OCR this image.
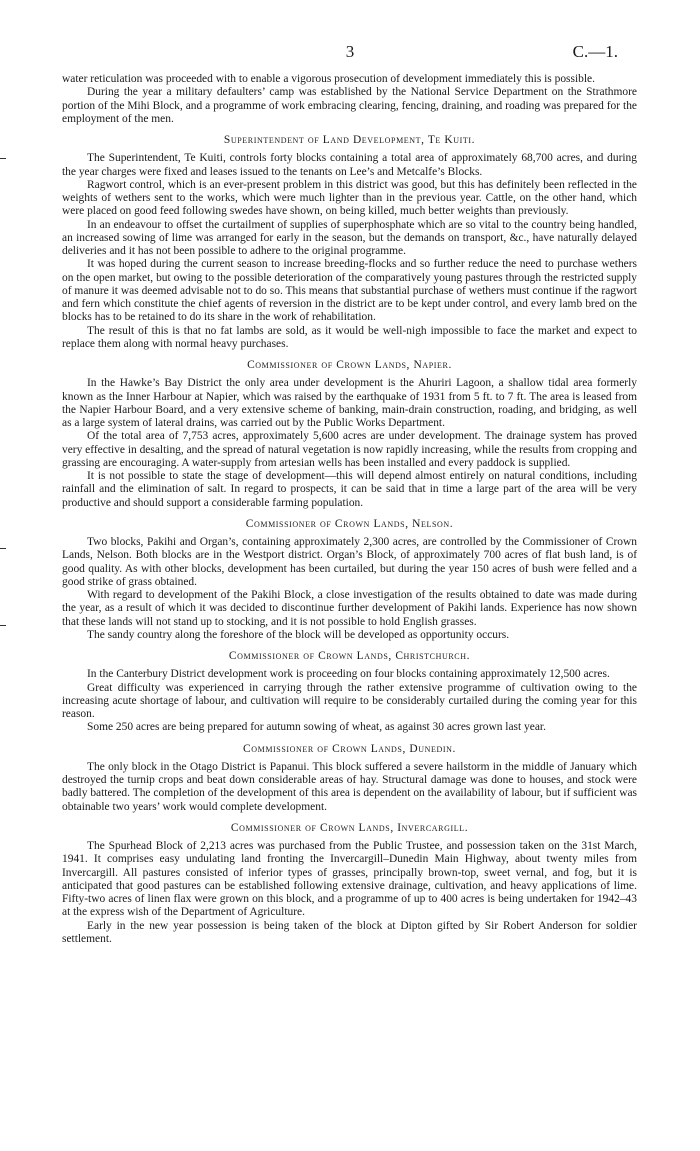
3	C.—1.

water reticulation was proceeded with to enable a vigorous prosecution of development immediately this is possible.

During the year a military defaulters’ camp was established by the National Service Department on the Strathmore portion of the Mihi Block, and a programme of work embracing clearing, fencing, draining, and roading was prepared for the employment of the men.

Superintendent of Land Development, Te Kuiti.

The Superintendent, Te Kuiti, controls forty blocks containing a total area of approximately 68,700 acres, and during the year charges were fixed and leases issued to the tenants on Lee’s and Metcalfe’s Blocks.

Ragwort control, which is an ever-present problem in this district was good, but this has definitely been reflected in the weights of wethers sent to the works, which were much lighter than in the previous year. Cattle, on the other hand, which were placed on good feed following swedes have shown, on being killed, much better weights than previously.

In an endeavour to offset the curtailment of supplies of superphosphate which are so vital to the country being handled, an increased sowing of lime was arranged for early in the season, but the demands on transport, &c., have naturally delayed deliveries and it has not been possible to adhere to the original programme.

It was hoped during the current season to increase breeding-flocks and so further reduce the need to purchase wethers on the open market, but owing to the possible deterioration of the comparatively young pastures through the restricted supply of manure it was deemed advisable not to do so. This means that substantial purchase of wethers must continue if the ragwort and fern which constitute the chief agents of reversion in the district are to be kept under control, and every lamb bred on the blocks has to be retained to do its share in the work of rehabilitation.

The result of this is that no fat lambs are sold, as it would be well-nigh impossible to face the market and expect to replace them along with normal heavy purchases.

Commissioner of Crown Lands, Napier.

In the Hawke’s Bay District the only area under development is the Ahuriri Lagoon, a shallow tidal area formerly known as the Inner Harbour at Napier, which was raised by the earthquake of 1931 from 5 ft. to 7 ft. The area is leased from the Napier Harbour Board, and a very extensive scheme of banking, main-drain construction, roading, and bridging, as well as a large system of lateral drains, was carried out by the Public Works Department.

Of the total area of 7,753 acres, approximately 5,600 acres are under development. The drainage system has proved very effective in desalting, and the spread of natural vegetation is now rapidly increasing, while the results from cropping and grassing are encouraging. A water-supply from artesian wells has been installed and every paddock is supplied.

It is not possible to state the stage of development—this will depend almost entirely on natural conditions, including rainfall and the elimination of salt. In regard to prospects, it can be said that in time a large part of the area will be very productive and should support a considerable farming population.

Commissioner of Crown Lands, Nelson.

Two blocks, Pakihi and Organ’s, containing approximately 2,300 acres, are controlled by the Commissioner of Crown Lands, Nelson. Both blocks are in the Westport district. Organ’s Block, of approximately 700 acres of flat bush land, is of good quality. As with other blocks, development has been curtailed, but during the year 150 acres of bush were felled and a good strike of grass obtained.

With regard to development of the Pakihi Block, a close investigation of the results obtained to date was made during the year, as a result of which it was decided to discontinue further development of Pakihi lands. Experience has now shown that these lands will not stand up to stocking, and it is not possible to hold English grasses.

The sandy country along the foreshore of the block will be developed as opportunity occurs.

Commissioner of Crown Lands, Christchurch.

In the Canterbury District development work is proceeding on four blocks containing approximately 12,500 acres.

Great difficulty was experienced in carrying through the rather extensive programme of cultivation owing to the increasing acute shortage of labour, and cultivation will require to be considerably curtailed during the coming year for this reason.

Some 250 acres are being prepared for autumn sowing of wheat, as against 30 acres grown last year.

Commissioner of Crown Lands, Dunedin.

The only block in the Otago District is Papanui. This block suffered a severe hailstorm in the middle of January which destroyed the turnip crops and beat down considerable areas of hay. Structural damage was done to houses, and stock were badly battered. The completion of the development of this area is dependent on the availability of labour, but if sufficient was obtainable two years’ work would complete development.

Commissioner of Crown Lands, Invercargill.

The Spurhead Block of 2,213 acres was purchased from the Public Trustee, and possession taken on the 31st March, 1941. It comprises easy undulating land fronting the Invercargill–Dunedin Main Highway, about twenty miles from Invercargill. All pastures consisted of inferior types of grasses, principally brown-top, sweet vernal, and fog, but it is anticipated that good pastures can be established following extensive drainage, cultivation, and heavy applications of lime. Fifty-two acres of linen flax were grown on this block, and a programme of up to 400 acres is being undertaken for 1942–43 at the express wish of the Department of Agriculture.

Early in the new year possession is being taken of the block at Dipton gifted by Sir Robert Anderson for soldier settlement.
